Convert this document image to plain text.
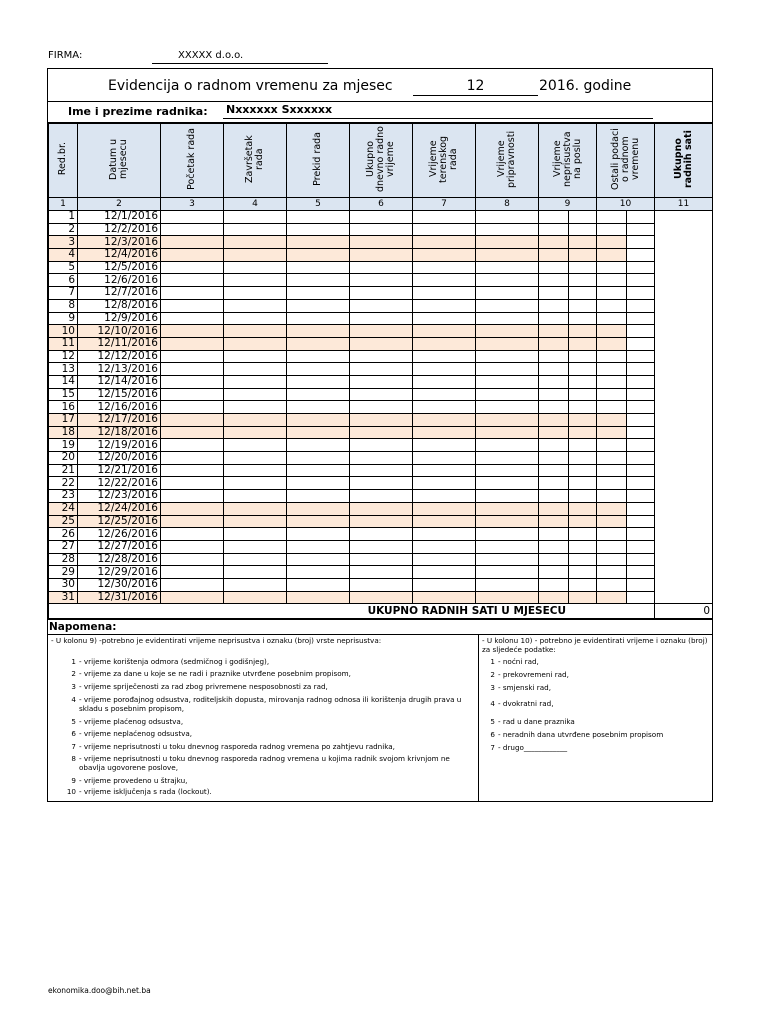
FIRMA:	XXXXX d.o.o.
Evidencija o radnom vremenu za mjesec	12	2016. godine
Ime i prezime radnika: Nxxxxxx Sxxxxxx
Red.br.	Datum u mjesecu	Početak rada	Završetak rada	Prekid rada	Ukupno dnevno radno vrijeme	Vrijeme terenskog rada	Vrijeme pripravnosti	Vrijeme neprisustva na poslu		Ostali podaci o radnom vremenu		Ukupno radnih sati
1	2	3	4	5	6	7	8	9		10		11
1	12/1/2016											
2	12/2/2016											
3	12/3/2016											
4	12/4/2016											
5	12/5/2016											
6	12/6/2016											
7	12/7/2016											
8	12/8/2016											
9	12/9/2016											
10	12/10/2016											
11	12/11/2016											
12	12/12/2016											
13	12/13/2016											
14	12/14/2016											
15	12/15/2016											
16	12/16/2016											
17	12/17/2016											
18	12/18/2016											
19	12/19/2016											
20	12/20/2016											
21	12/21/2016											
22	12/22/2016											
23	12/23/2016											
24	12/24/2016											
25	12/25/2016											
26	12/26/2016											
27	12/27/2016											
28	12/28/2016											
29	12/29/2016											
30	12/30/2016											
31	12/31/2016											
UKUPNO RADNIH SATI U MJESECU												0
Napomena:
- U kolonu 9) -potrebno je evidentirati vrijeme neprisustva i oznaku (broj) vrste neprisustva:
1 - vrijeme korištenja odmora (sedmičnog i godišnjeg),
2 - vrijeme za dane u koje se ne radi i praznike utvrđene posebnim propisom,
3 - vrijeme spriječenosti za rad zbog privremene nesposobnosti za rad,
4 - vrijeme porođajnog odsustva, roditeljskih dopusta, mirovanja radnog odnosa ili korištenja drugih prava u skladu s posebnim propisom,
5 - vrijeme plaćenog odsustva,
6 - vrijeme neplaćenog odsustva,
7 - vrijeme neprisutnosti u toku dnevnog rasporeda radnog vremena po zahtjevu radnika,
8 - vrijeme neprisutnosti u toku dnevnog rasporeda radnog vremena u kojima radnik svojom krivnjom ne obavlja ugovorene poslove,
9 - vrijeme provedeno u štrajku,
10 - vrijeme isključenja s rada (lockout).
- U kolonu 10) - potrebno je evidentirati vrijeme i oznaku (broj) za sljedeće podatke:
1 - noćni rad,
2 - prekovremeni rad,
3 - smjenski rad,
4 - dvokratni rad,
5 - rad u dane praznika
6 - neradnih dana utvrđene posebnim propisom
7 - drugo____________
ekonomika.doo@bih.net.ba
